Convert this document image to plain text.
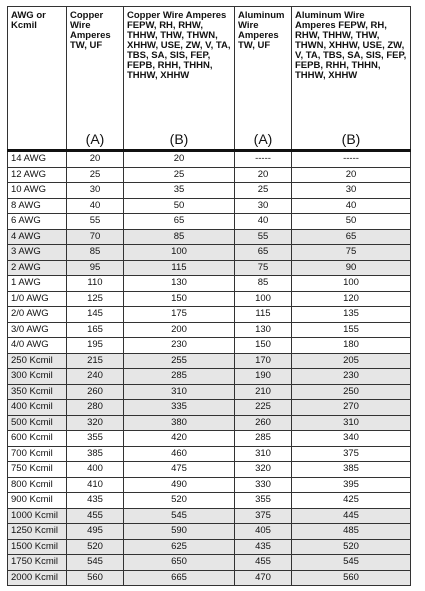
AWG or Kcmil	Copper Wire Amperes TW, UF	Copper Wire Amperes FEPW, RH, RHW, THHW, THW, THWN, XHHW, USE, ZW, V, TA, TBS, SA, SIS, FEP, FEPB, RHH, THHN, THHW, XHHW	Aluminum Wire Amperes TW, UF	Aluminum Wire Amperes FEPW, RH, RHW, THHW, THW, THWN, XHHW, USE, ZW, V, TA, TBS, SA, SIS, FEP, FEPB, RHH, THHN, THHW, XHHW
	(A)	(B)	(A)	(B)
14 AWG	20	20	-----	-----
12 AWG	25	25	20	20
10 AWG	30	35	25	30
8 AWG	40	50	30	40
6 AWG	55	65	40	50
4 AWG	70	85	55	65
3 AWG	85	100	65	75
2 AWG	95	115	75	90
1 AWG	110	130	85	100
1/0 AWG	125	150	100	120
2/0 AWG	145	175	115	135
3/0 AWG	165	200	130	155
4/0 AWG	195	230	150	180
250 Kcmil	215	255	170	205
300 Kcmil	240	285	190	230
350 Kcmil	260	310	210	250
400 Kcmil	280	335	225	270
500 Kcmil	320	380	260	310
600 Kcmil	355	420	285	340
700 Kcmil	385	460	310	375
750 Kcmil	400	475	320	385
800 Kcmil	410	490	330	395
900 Kcmil	435	520	355	425
1000 Kcmil	455	545	375	445
1250 Kcmil	495	590	405	485
1500 Kcmil	520	625	435	520
1750 Kcmil	545	650	455	545
2000 Kcmil	560	665	470	560
